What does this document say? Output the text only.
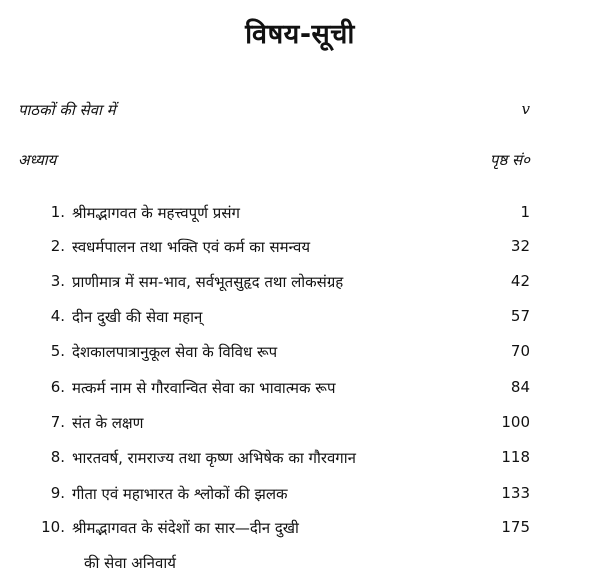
विषय-सूची
पाठकों की सेवा में	v
अध्याय	पृष्ठ सं०
1. श्रीमद्भागवत के महत्त्वपूर्ण प्रसंग	1
2. स्वधर्मपालन तथा भक्ति एवं कर्म का समन्वय	32
3. प्राणीमात्र में सम-भाव, सर्वभूतसुहृद तथा लोकसंग्रह	42
4. दीन दुखी की सेवा महान्	57
5. देशकालपात्रानुकूल सेवा के विविध रूप	70
6. मत्कर्म नाम से गौरवान्वित सेवा का भावात्मक रूप	84
7. संत के लक्षण	100
8. भारतवर्ष, रामराज्य तथा कृष्ण अभिषेक का गौरवगान	118
9. गीता एवं महाभारत के श्लोकों की झलक	133
10. श्रीमद्भागवत के संदेशों का सार—दीन दुखी	175
की सेवा अनिवार्य
